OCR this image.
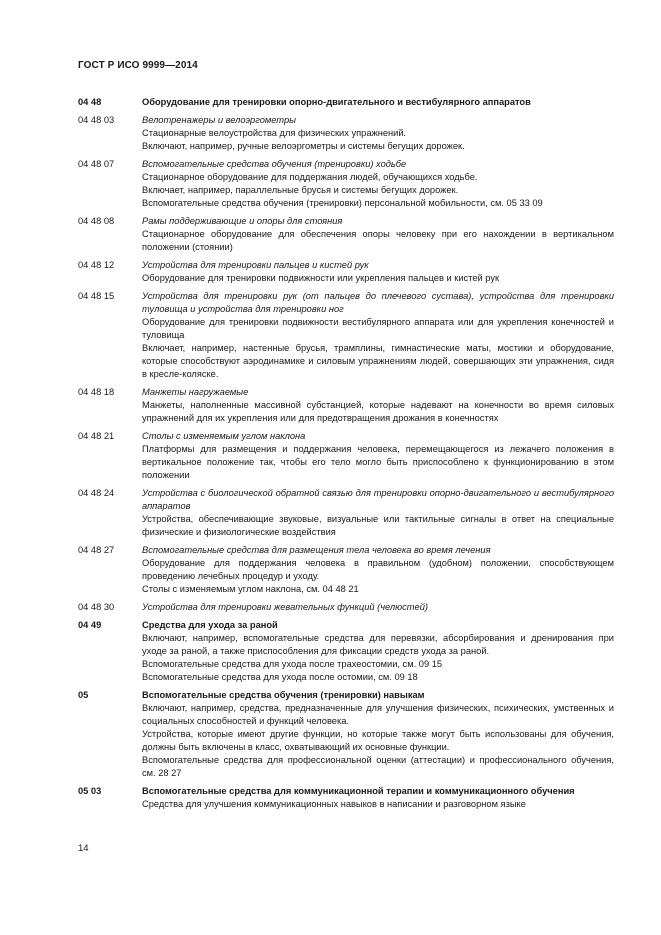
ГОСТ Р ИСО 9999—2014
04 48	Оборудование для тренировки опорно-двигательного и вестибулярного аппаратов

04 48 03	Велотренажеры и велоэргометры

Стационарные велоустройства для физических упражнений.

Включают, например, ручные велоэргометры и системы бегущих дорожек.

04 48 07	Вспомогательные средства обучения (тренировки) ходьбе

Стационарное оборудование для поддержания людей, обучающихся ходьбе.

Включает, например, параллельные брусья и системы бегущих дорожек.

Вспомогательные средства обучения (тренировки) персональной мобильности, см. 05 33 09

04 48 08	Рамы поддерживающие и опоры для стояния

Стационарное оборудование для обеспечения опоры человеку при его нахождении в вертикальном положении (стоянии)

04 48 12	Устройства для тренировки пальцев и кистей рук

Оборудование для тренировки подвижности или укрепления пальцев и кистей рук

04 48 15	Устройства для тренировки рук (от пальцев до плечевого сустава), устройства для тренировки туловища и устройства для тренировки ног

Оборудование для тренировки подвижности вестибулярного аппарата или для укрепления конечностей и туловища

Включает, например, настенные брусья, трамплины, гимнастические маты, мостики и оборудование, которые способствуют аэродинамике и силовым упражнениям людей, совершающих эти упражнения, сидя в кресле-коляске.

04 48 18	Манжеты нагружаемые

Манжеты, наполненные массивной субстанцией, которые надевают на конечности во время силовых упражнений для их укрепления или для предотвращения дрожания в конечностях

04 48 21	Столы с изменяемым углом наклона

Платформы для размещения и поддержания человека, перемещающегося из лежачего положения в вертикальное положение так, чтобы его тело могло быть приспособлено к функционированию в этом положении

04 48 24	Устройства с биологической обратной связью для тренировки опорно-двигательного и вестибулярного аппаратов

Устройства, обеспечивающие звуковые, визуальные или тактильные сигналы в ответ на специальные физические и физиологические воздействия

04 48 27	Вспомогательные средства для размещения тела человека во время лечения

Оборудование для поддержания человека в правильном (удобном) положении, способствующем проведению лечебных процедур и уходу.

Столы с изменяемым углом наклона, см. 04 48 21

04 48 30	Устройства для тренировки жевательных функций (челюстей)

04 49	Средства для ухода за раной

Включают, например, вспомогательные средства для перевязки, абсорбирования и дренирования при уходе за раной, а также приспособления для фиксации средств ухода за раной.

Вспомогательные средства для ухода после трахеостомии, см. 09 15

Вспомогательные средства для ухода после остомии, см. 09 18

05	Вспомогательные средства обучения (тренировки) навыкам

Включают, например, средства, предназначенные для улучшения физических, психических, умственных и социальных способностей и функций человека.

Устройства, которые имеют другие функции, но которые также могут быть использованы для обучения, должны быть включены в класс, охватывающий их основные функции.

Вспомогательные средства для профессиональной оценки (аттестации) и профессионального обучения, см. 28 27

05 03	Вспомогательные средства для коммуникационной терапии и коммуникационного обучения

Средства для улучшения коммуникационных навыков в написании и разговорном языке

14
